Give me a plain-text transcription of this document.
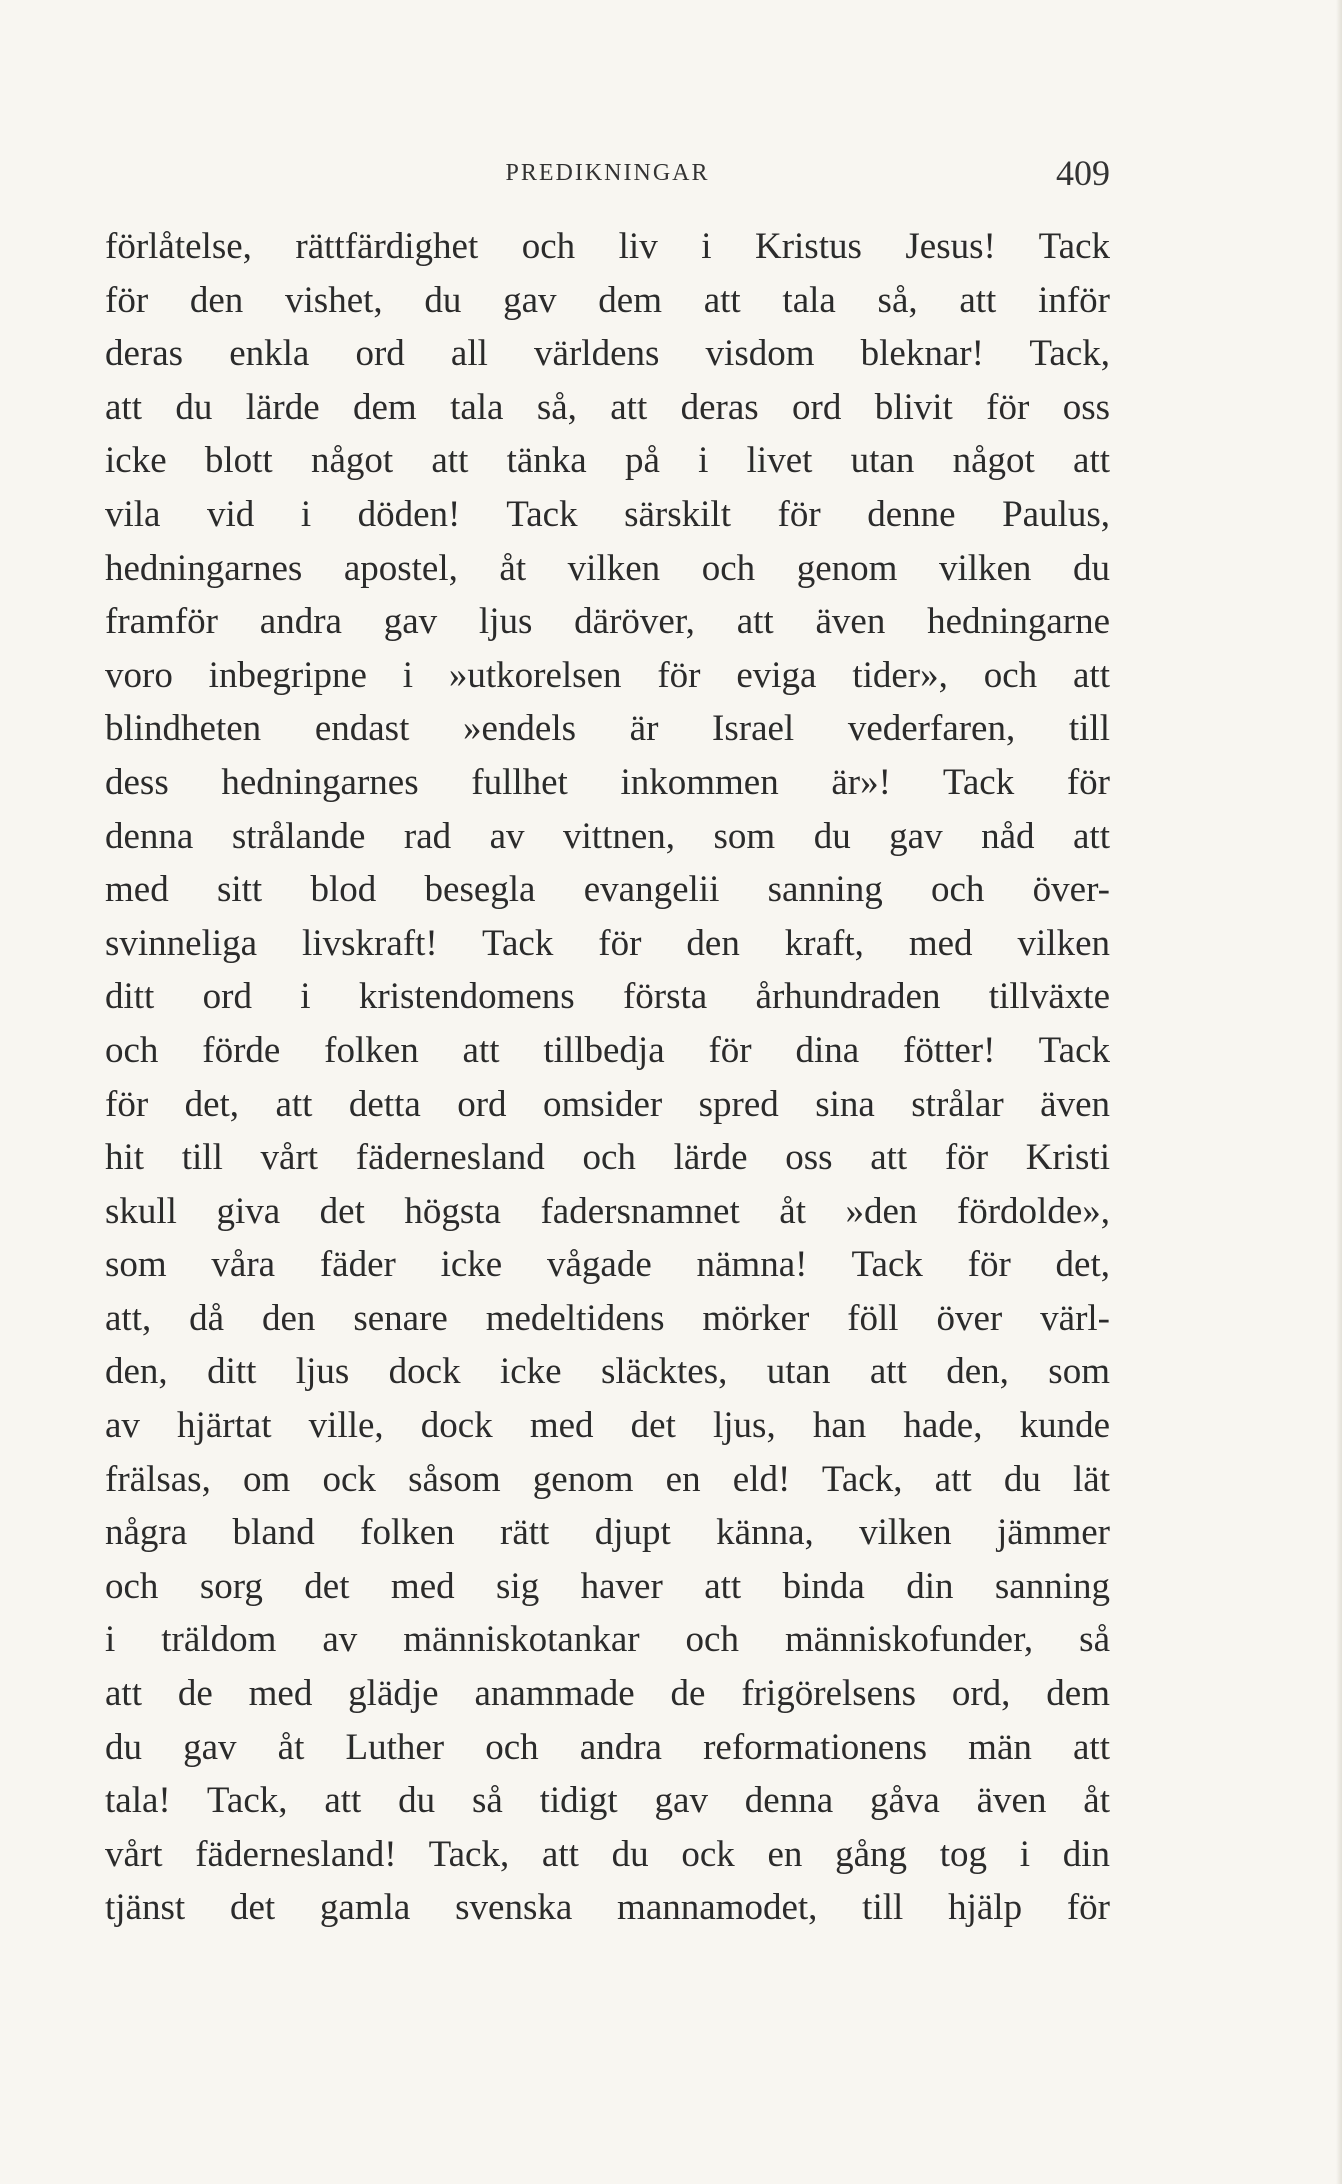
PREDIKNINGAR	409
förlåtelse, rättfärdighet och liv i Kristus Jesus! Tack
för den vishet, du gav dem att tala så, att inför
deras enkla ord all världens visdom bleknar! Tack,
att du lärde dem tala så, att deras ord blivit för oss
icke blott något att tänka på i livet utan något att
vila vid i döden! Tack särskilt för denne Paulus,
hedningarnes apostel, åt vilken och genom vilken du
framför andra gav ljus däröver, att även hedningarne
voro inbegripne i »utkorelsen för eviga tider», och att
blindheten endast »endels är Israel vederfaren, till
dess hedningarnes fullhet inkommen är»! Tack för
denna strålande rad av vittnen, som du gav nåd att
med sitt blod besegla evangelii sanning och över-
svinneliga livskraft! Tack för den kraft, med vilken
ditt ord i kristendomens första århundraden tillväxte
och förde folken att tillbedja för dina fötter! Tack
för det, att detta ord omsider spred sina strålar även
hit till vårt fädernesland och lärde oss att för Kristi
skull giva det högsta fadersnamnet åt »den fördolde»,
som våra fäder icke vågade nämna! Tack för det,
att, då den senare medeltidens mörker föll över värl-
den, ditt ljus dock icke släcktes, utan att den, som
av hjärtat ville, dock med det ljus, han hade, kunde
frälsas, om ock såsom genom en eld! Tack, att du lät
några bland folken rätt djupt känna, vilken jämmer
och sorg det med sig haver att binda din sanning
i träldom av människotankar och människofunder, så
att de med glädje anammade de frigörelsens ord, dem
du gav åt Luther och andra reformationens män att
tala! Tack, att du så tidigt gav denna gåva även åt
vårt fädernesland! Tack, att du ock en gång tog i din
tjänst det gamla svenska mannamodet, till hjälp för
